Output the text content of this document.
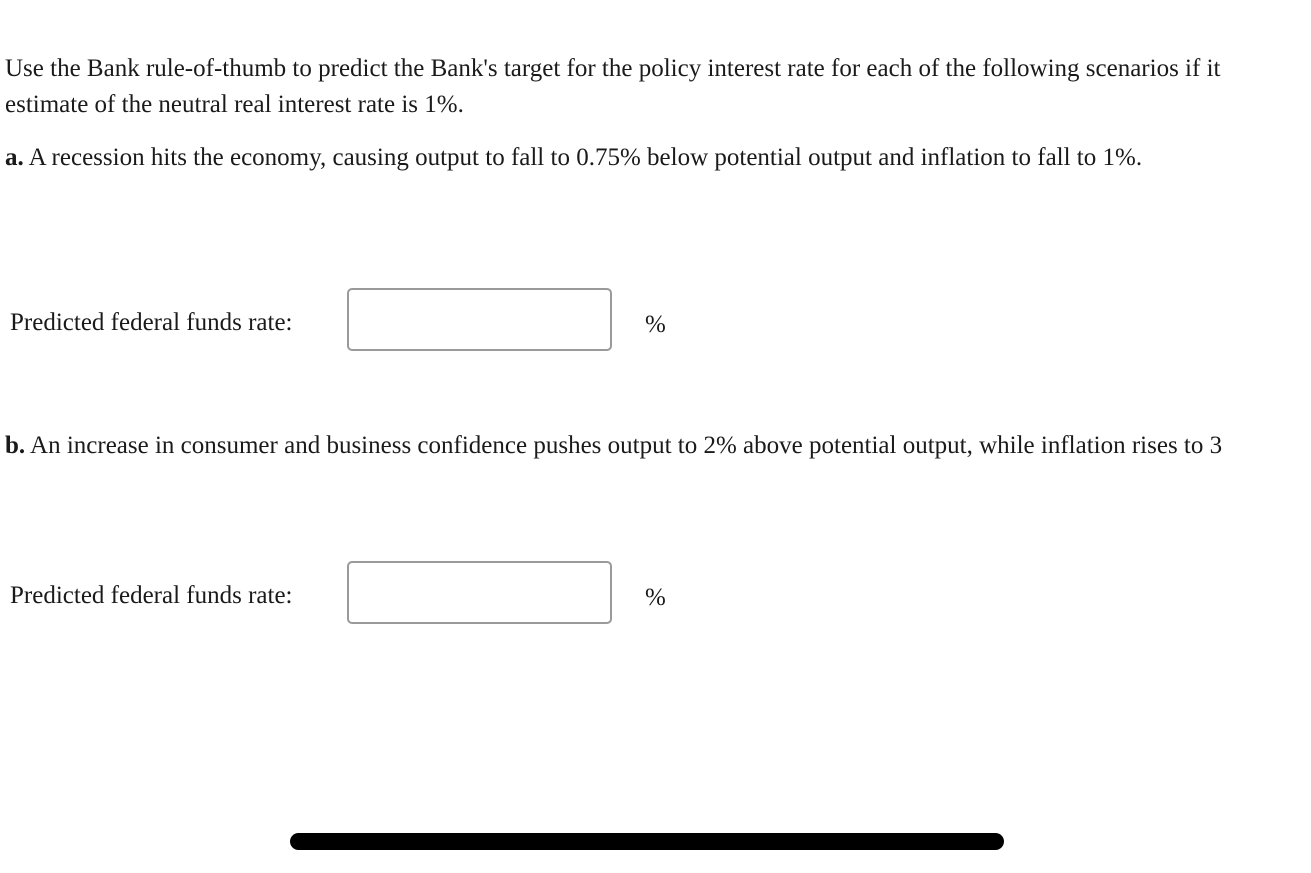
Use the Bank rule-of-thumb to predict the Bank's target for the policy interest rate for each of the following scenarios if it
estimate of the neutral real interest rate is 1%.
a. A recession hits the economy, causing output to fall to 0.75% below potential output and inflation to fall to 1%.
Predicted federal funds rate:	%
b. An increase in consumer and business confidence pushes output to 2% above potential output, while inflation rises to 3
Predicted federal funds rate:	%
